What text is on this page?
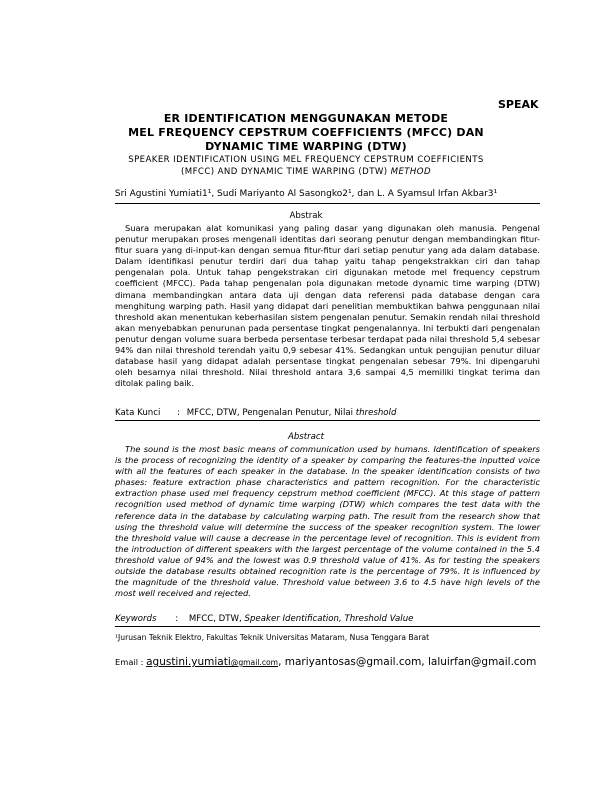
SPEAK
ER IDENTIFICATION MENGGUNAKAN METODE
MEL FREQUENCY CEPSTRUM COEFFICIENTS (MFCC) DAN
DYNAMIC TIME WARPING (DTW)
SPEAKER IDENTIFICATION USING MEL FREQUENCY CEPSTRUM COEFFICIENTS
(MFCC) AND DYNAMIC TIME WARPING (DTW) METHOD
Sri Agustini Yumiati1¹, Sudi Mariyanto Al Sasongko2¹, dan L. A Syamsul Irfan Akbar3¹
Abstrak
Suara merupakan alat komunikasi yang paling dasar yang digunakan oleh manusia. Pengenal penutur merupakan proses mengenali identitas dari seorang penutur dengan membandingkan fitur-fitur suara yang di-input-kan dengan semua fitur-fitur dari setiap penutur yang ada dalam database. Dalam identifikasi penutur terdiri dari dua tahap yaitu tahap pengekstrakkan ciri dan tahap pengenalan pola. Untuk tahap pengekstrakan ciri digunakan metode mel frequency cepstrum coefficient (MFCC). Pada tahap pengenalan pola digunakan metode dynamic time warping (DTW) dimana membandingkan antara data uji dengan data referensi pada database dengan cara menghitung warping path. Hasil yang didapat dari penelitian membuktikan bahwa penggunaan nilai threshold akan menentukan keberhasilan sistem pengenalan penutur. Semakin rendah nilai threshold akan menyebabkan penurunan pada persentase tingkat pengenalannya. Ini terbukti dari pengenalan penutur dengan volume suara berbeda persentase terbesar terdapat pada nilai threshold 5,4 sebesar 94% dan nilai threshold terendah yaitu 0,9 sebesar 41%. Sedangkan untuk pengujian penutur diluar database hasil yang didapat adalah persentase tingkat pengenalan sebesar 79%. Ini dipengaruhi oleh besarnya nilai threshold. Nilai threshold antara 3,6 sampai 4,5 memiliki tingkat terima dan ditolak paling baik.
Kata Kunci : MFCC, DTW, Pengenalan Penutur, Nilai threshold
Abstract
The sound is the most basic means of communication used by humans. Identification of speakers is the process of recognizing the identity of a speaker by comparing the features-the inputted voice with all the features of each speaker in the database. In the speaker identification consists of two phases: feature extraction phase characteristics and pattern recognition. For the characteristic extraction phase used mel frequency cepstrum method coefficient (MFCC). At this stage of pattern recognition used method of dynamic time warping (DTW) which compares the test data with the reference data in the database by calculating warping path. The result from the research show that using the threshold value will determine the success of the speaker recognition system. The lower the threshold value will cause a decrease in the percentage level of recognition. This is evident from the introduction of different speakers with the largest percentage of the volume contained in the 5.4 threshold value of 94% and the lowest was 0.9 threshold value of 41%. As for testing the speakers outside the database results obtained recognition rate is the percentage of 79%. It is influenced by the magnitude of the threshold value. Threshold value between 3.6 to 4.5 have high levels of the most well received and rejected.
Keywords : MFCC, DTW, Speaker Identification, Threshold Value
¹Jurusan Teknik Elektro, Fakultas Teknik Universitas Mataram, Nusa Tenggara Barat
Email : agustini.yumiati@gmail.com, mariyantosas@gmail.com, laluirfan@gmail.com
